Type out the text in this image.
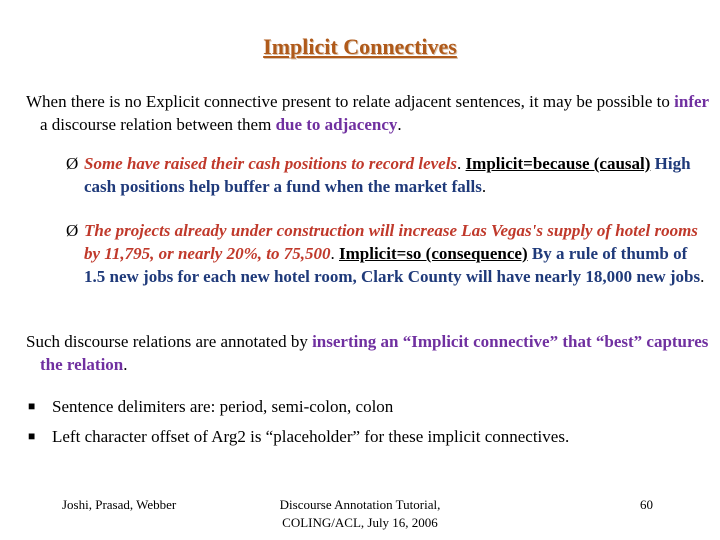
Implicit Connectives
When there is no Explicit connective present to relate adjacent sentences, it may be possible to infer a discourse relation between them due to adjacency.
Ø Some have raised their cash positions to record levels. Implicit=because (causal) High cash positions help buffer a fund when the market falls.
Ø The projects already under construction will increase Las Vegas's supply of hotel rooms by 11,795, or nearly 20%, to 75,500. Implicit=so (consequence) By a rule of thumb of 1.5 new jobs for each new hotel room, Clark County will have nearly 18,000 new jobs.
Such discourse relations are annotated by inserting an “Implicit connective” that “best” captures the relation.
■ Sentence delimiters are: period, semi-colon, colon
■ Left character offset of Arg2 is “placeholder” for these implicit connectives.
Joshi, Prasad, Webber	Discourse Annotation Tutorial,
COLING/ACL, July 16, 2006
60
